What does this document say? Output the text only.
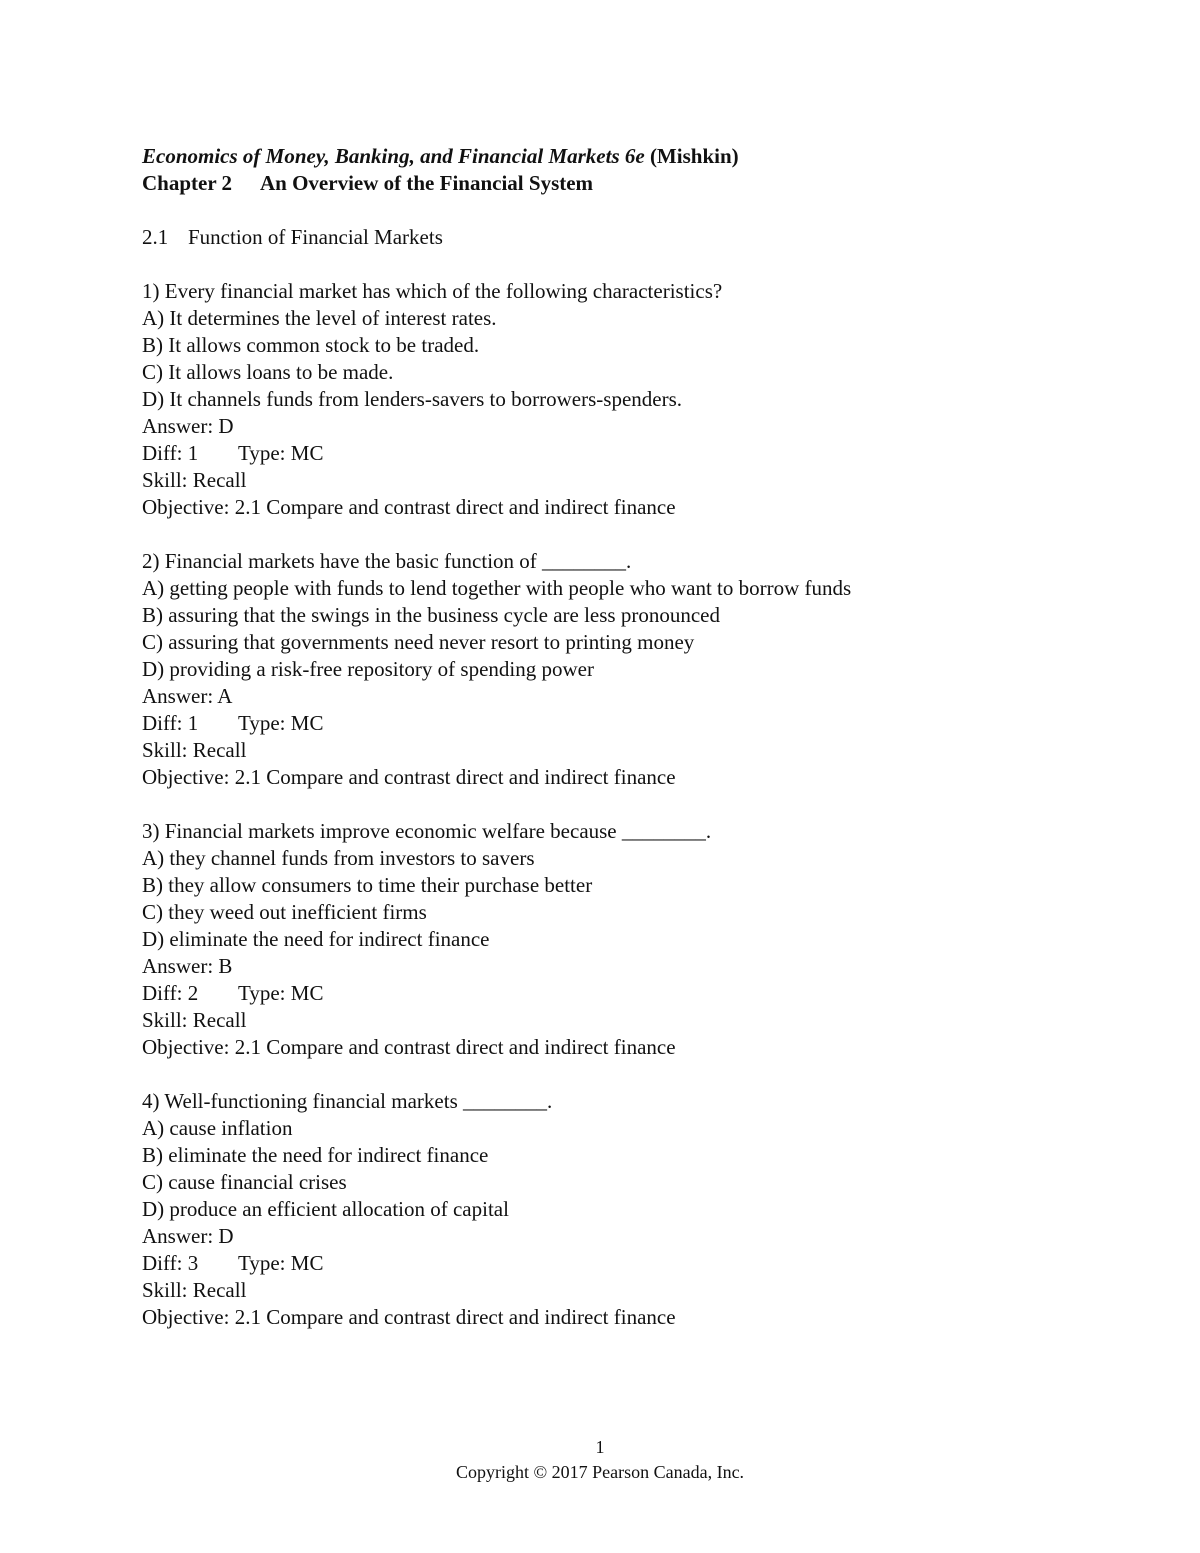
Economics of Money, Banking, and Financial Markets 6e (Mishkin)
Chapter 2 An Overview of the Financial System
2.1 Function of Financial Markets
1) Every financial market has which of the following characteristics?
A) It determines the level of interest rates.
B) It allows common stock to be traded.
C) It allows loans to be made.
D) It channels funds from lenders-savers to borrowers-spenders.
Answer: D
Diff: 1 Type: MC
Skill: Recall
Objective: 2.1 Compare and contrast direct and indirect finance
2) Financial markets have the basic function of ________.
A) getting people with funds to lend together with people who want to borrow funds
B) assuring that the swings in the business cycle are less pronounced
C) assuring that governments need never resort to printing money
D) providing a risk-free repository of spending power
Answer: A
Diff: 1 Type: MC
Skill: Recall
Objective: 2.1 Compare and contrast direct and indirect finance
3) Financial markets improve economic welfare because ________.
A) they channel funds from investors to savers
B) they allow consumers to time their purchase better
C) they weed out inefficient firms
D) eliminate the need for indirect finance
Answer: B
Diff: 2 Type: MC
Skill: Recall
Objective: 2.1 Compare and contrast direct and indirect finance
4) Well-functioning financial markets ________.
A) cause inflation
B) eliminate the need for indirect finance
C) cause financial crises
D) produce an efficient allocation of capital
Answer: D
Diff: 3 Type: MC
Skill: Recall
Objective: 2.1 Compare and contrast direct and indirect finance
1
Copyright © 2017 Pearson Canada, Inc.
